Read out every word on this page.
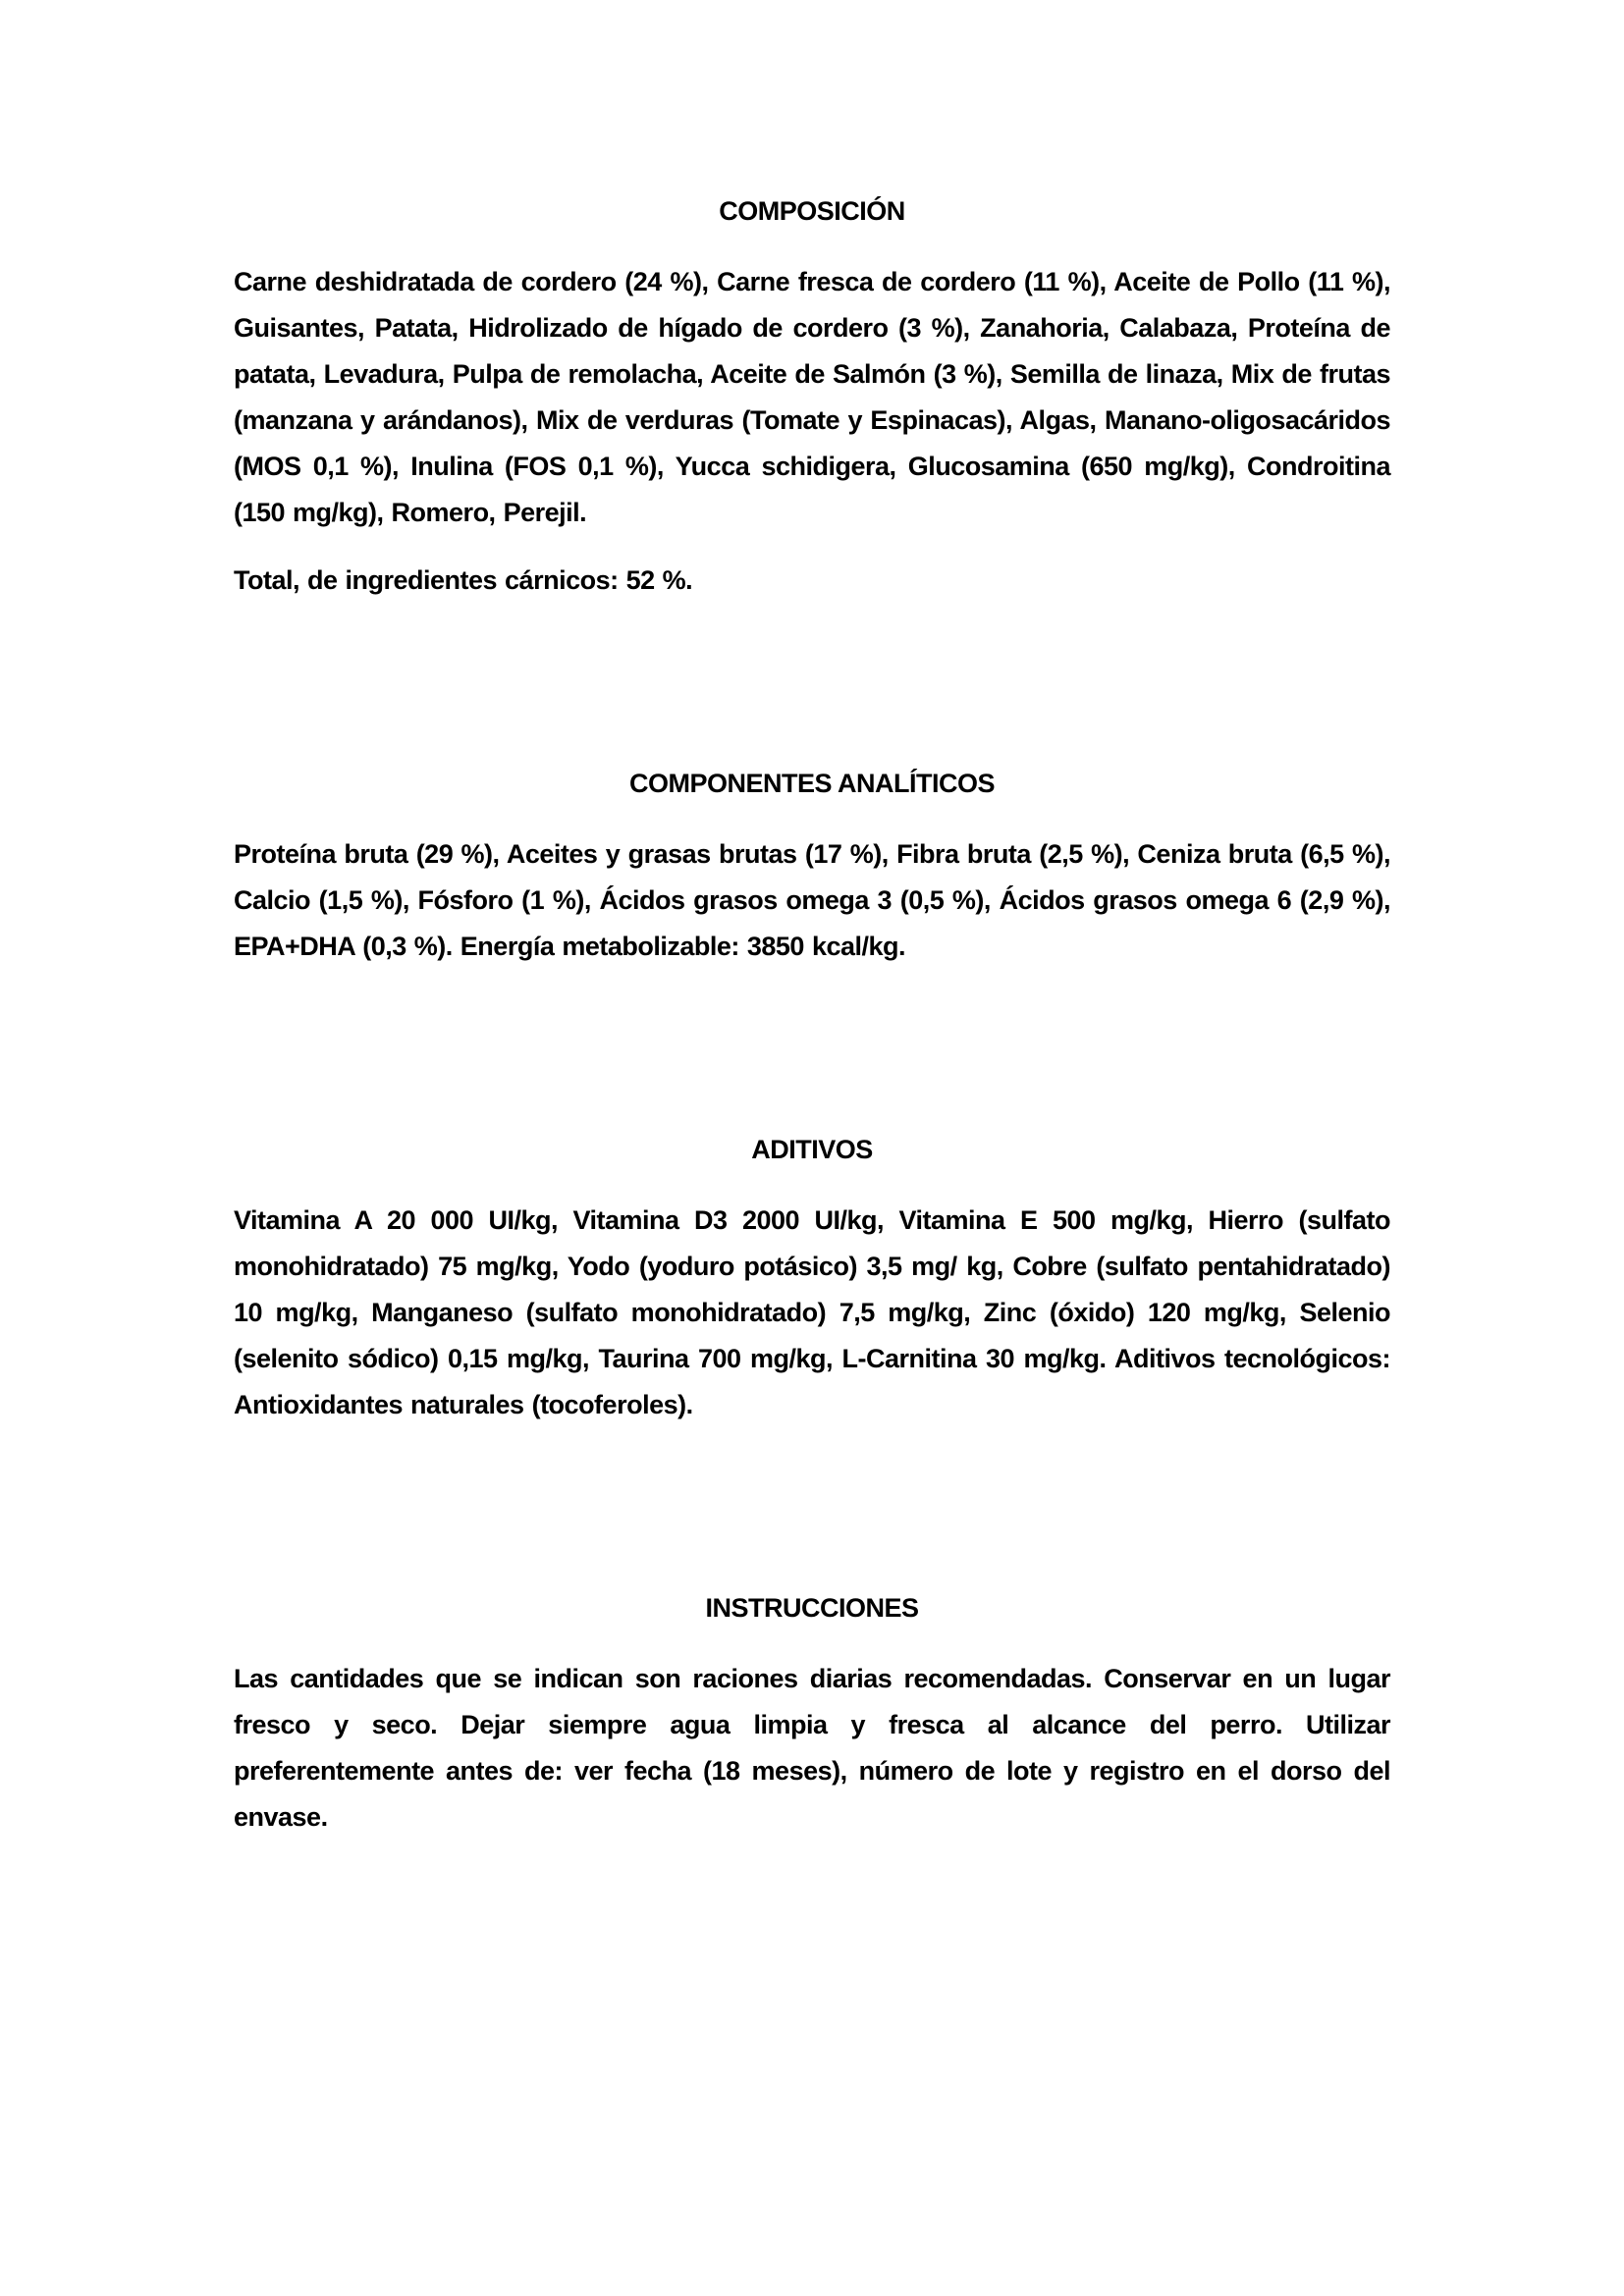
COMPOSICIÓN

Carne deshidratada de cordero (24 %), Carne fresca de cordero (11 %), Aceite de Pollo (11 %), Guisantes, Patata, Hidrolizado de hígado de cordero (3 %), Zanahoria, Calabaza, Proteína de patata, Levadura, Pulpa de remolacha, Aceite de Salmón (3 %), Semilla de linaza, Mix de frutas (manzana y arándanos), Mix de verduras (Tomate y Espinacas), Algas, Manano-oligosacáridos (MOS 0,1 %), Inulina (FOS 0,1 %), Yucca schidigera, Glucosamina (650 mg/kg), Condroitina (150 mg/kg), Romero, Perejil.

Total, de ingredientes cárnicos: 52 %.

COMPONENTES ANALÍTICOS

Proteína bruta (29 %), Aceites y grasas brutas (17 %), Fibra bruta (2,5 %), Ceniza bruta (6,5 %), Calcio (1,5 %), Fósforo (1 %), Ácidos grasos omega 3 (0,5 %), Ácidos grasos omega 6 (2,9 %), EPA+DHA (0,3 %). Energía metabolizable: 3850 kcal/kg.

ADITIVOS

Vitamina A 20 000 UI/kg, Vitamina D3 2000 UI/kg, Vitamina E 500 mg/kg, Hierro (sulfato monohidratado) 75 mg/kg, Yodo (yoduro potásico) 3,5 mg/ kg, Cobre (sulfato pentahidratado) 10 mg/kg, Manganeso (sulfato monohidratado) 7,5 mg/kg, Zinc (óxido) 120 mg/kg, Selenio (selenito sódico) 0,15 mg/kg, Taurina 700 mg/kg, L-Carnitina 30 mg/kg. Aditivos tecnológicos: Antioxidantes naturales (tocoferoles).

INSTRUCCIONES

Las cantidades que se indican son raciones diarias recomendadas. Conservar en un lugar fresco y seco. Dejar siempre agua limpia y fresca al alcance del perro. Utilizar preferentemente antes de: ver fecha (18 meses), número de lote y registro en el dorso del envase.
